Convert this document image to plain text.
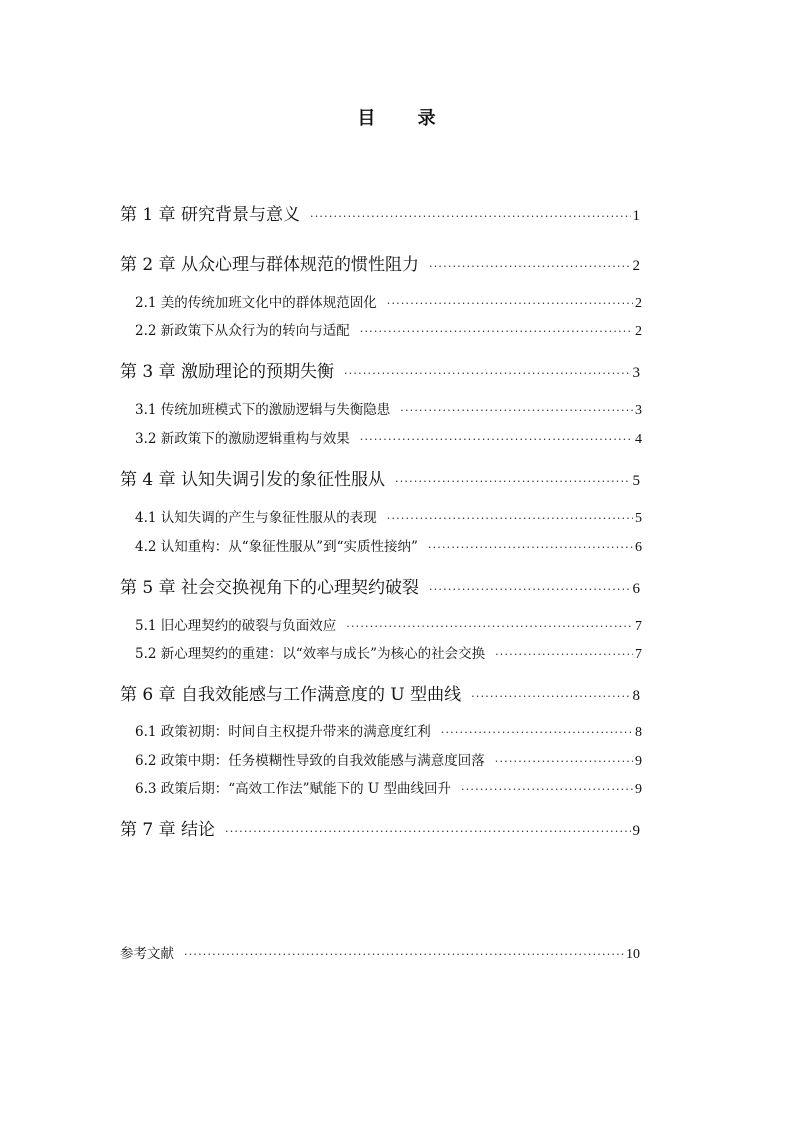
目 录
第 1 章 研究背景与意义 ·····	1
第 2 章 从众心理与群体规范的惯性阻力 ·····	2
2.1 美的传统加班文化中的群体规范固化 ·····	2
2.2 新政策下从众行为的转向与适配 ·····	2
第 3 章 激励理论的预期失衡 ·····	3
3.1 传统加班模式下的激励逻辑与失衡隐患 ·····	3
3.2 新政策下的激励逻辑重构与效果 ·····	4
第 4 章 认知失调引发的象征性服从 ·····	5
4.1 认知失调的产生与象征性服从的表现 ·····	5
4.2 认知重构：从“象征性服从”到“实质性接纳” ·····	6
第 5 章 社会交换视角下的心理契约破裂 ·····	6
5.1 旧心理契约的破裂与负面效应 ·····	7
5.2 新心理契约的重建：以“效率与成长”为核心的社会交换 ·····	7
第 6 章 自我效能感与工作满意度的 U 型曲线 ·····	8
6.1 政策初期：时间自主权提升带来的满意度红利 ·····	8
6.2 政策中期：任务模糊性导致的自我效能感与满意度回落 ·····	9
6.3 政策后期：“高效工作法”赋能下的 U 型曲线回升 ·····	9
第 7 章 结论 ·····	9
参考文献 ·····	10
